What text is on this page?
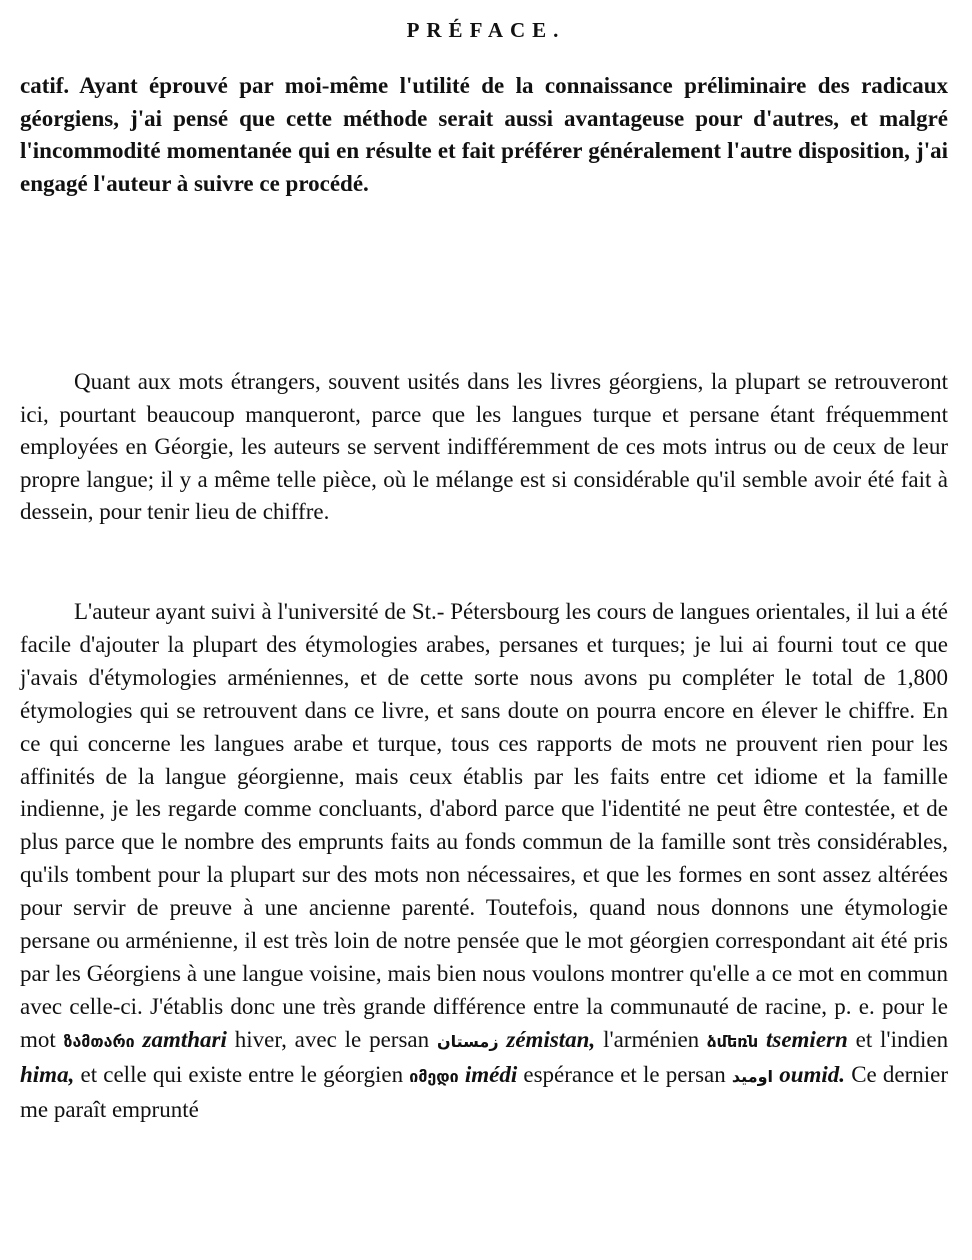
PRÉFACE.

catif. Ayant éprouvé par moi-même l'utilité de la connaissance préliminaire des radicaux géorgiens, j'ai pensé que cette méthode serait aussi avantageuse pour d'autres, et malgré l'incommodité momentanée qui en résulte et fait préférer généralement l'autre disposition, j'ai engagé l'auteur à suivre ce procédé.

Quant aux mots étrangers, souvent usités dans les livres géorgiens, la plupart se retrouveront ici, pourtant beaucoup manqueront, parce que les langues turque et persane étant fréquemment employées en Géorgie, les auteurs se servent indifféremment de ces mots intrus ou de ceux de leur propre langue; il y a même telle pièce, où le mélange est si considérable qu'il semble avoir été fait à dessein, pour tenir lieu de chiffre.

L'auteur ayant suivi à l'université de St.- Pétersbourg les cours de langues orientales, il lui a été facile d'ajouter la plupart des étymologies arabes, persanes et turques; je lui ai fourni tout ce que j'avais d'étymologies arméniennes, et de cette sorte nous avons pu compléter le total de 1,800 étymologies qui se retrouvent dans ce livre, et sans doute on pourra encore en élever le chiffre. En ce qui concerne les langues arabe et turque, tous ces rapports de mots ne prouvent rien pour les affinités de la langue géorgienne, mais ceux établis par les faits entre cet idiome et la famille indienne, je les regarde comme concluants, d'abord parce que l'identité ne peut être contestée, et de plus parce que le nombre des emprunts faits au fonds commun de la famille sont très considérables, qu'ils tombent pour la plupart sur des mots non nécessaires, et que les formes en sont assez altérées pour servir de preuve à une ancienne parenté. Toutefois, quand nous donnons une étymologie persane ou arménienne, il est très loin de notre pensée que le mot géorgien correspondant ait été pris par les Géorgiens à une langue voisine, mais bien nous voulons montrer qu'elle a ce mot en commun avec celle-ci. J'établis donc une très grande différence entre la communauté de racine, p. e. pour le mot ზამთარი zamthari hiver, avec le persan زمستان zémistan, l'arménien ձմեռն tsemiern et l'indien hima, et celle qui existe entre le géorgien იმედი imédi espérance et le persan اومید oumid. Ce dernier me paraît emprunté
